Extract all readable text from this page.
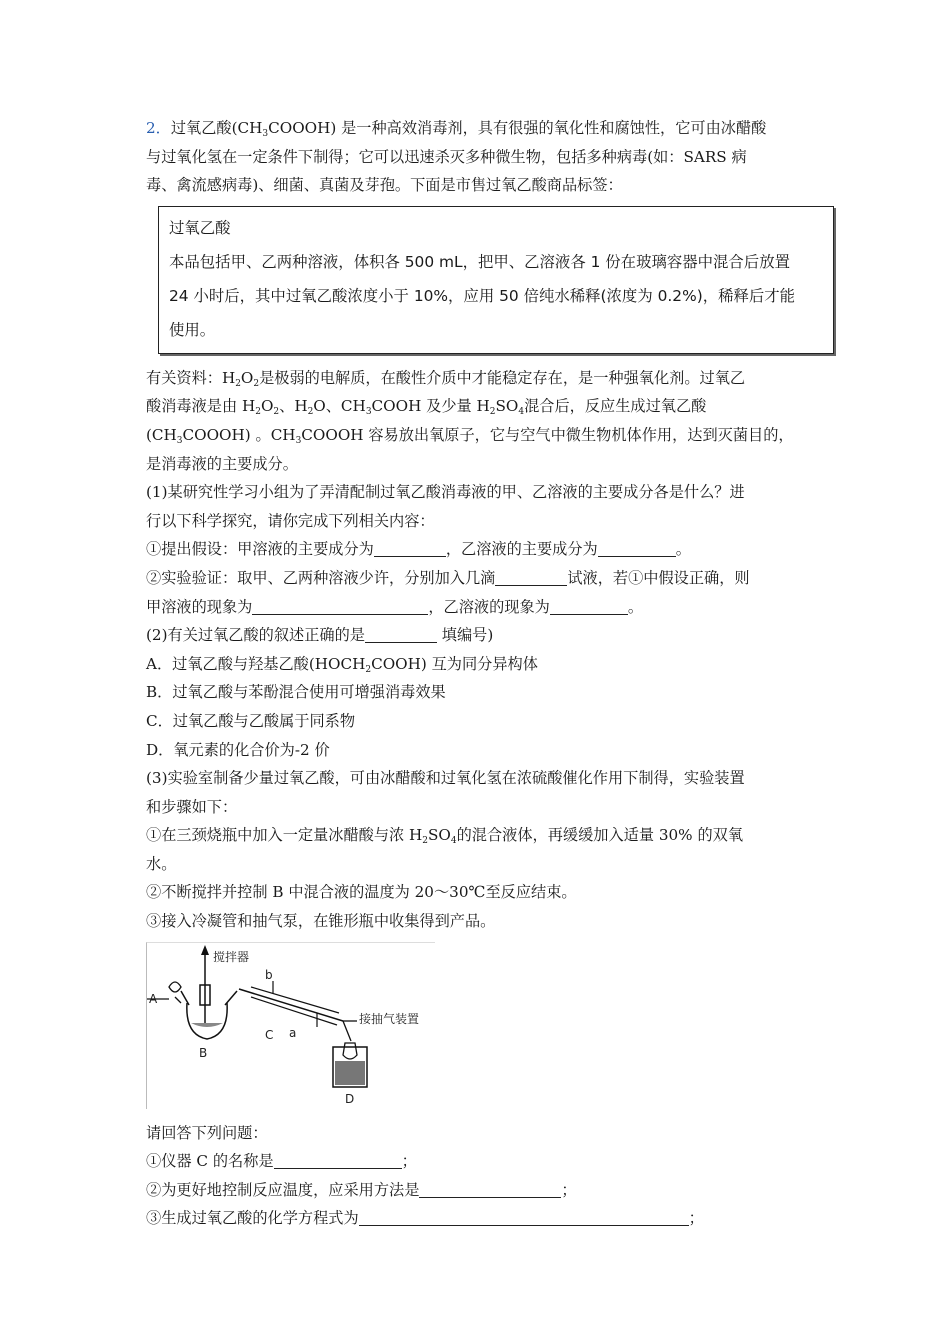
2．过氧乙酸$(CH_3COOOH)$ 是一种高效消毒剂，具有很强的氧化性和腐蚀性，它可由冰醋酸

与过氧化氢在一定条件下制得；它可以迅速杀灭多种微生物，包括多种病毒(如：SARS 病

毒、禽流感病毒)、细菌、真菌及芽孢。下面是市售过氧乙酸商品标签：

过氧乙酸
本品包括甲、乙两种溶液，体积各 500 mL，把甲、乙溶液各 1 份在玻璃容器中混合后放置
24 小时后，其中过氧乙酸浓度小于 10%，应用 50 倍纯水稀释(浓度为 0.2%)，稀释后才能
使用。

有关资料：$H_2O_2$是极弱的电解质，在酸性介质中才能稳定存在，是一种强氧化剂。过氧乙

酸消毒液是由 $H_2O_2$、$H_2O$、$CH_3COOH$ 及少量 $H_2SO_4$混合后，反应生成过氧乙酸

$(CH_3COOOH)$ 。$CH_3COOOH$ 容易放出氧原子，它与空气中微生物机体作用，达到灭菌目的，

是消毒液的主要成分。

(1)某研究性学习小组为了弄清配制过氧乙酸消毒液的甲、乙溶液的主要成分各是什么？进

行以下科学探究，请你完成下列相关内容：

①提出假设：甲溶液的主要成分为	，乙溶液的主要成分为	。

②实验验证：取甲、乙两种溶液少许，分别加入几滴	试液，若①中假设正确，则

甲溶液的现象为	，乙溶液的现象为	。

(2)有关过氧乙酸的叙述正确的是	填编号)

A．过氧乙酸与羟基乙酸$(HOCH_2COOH)$ 互为同分异构体

B．过氧乙酸与苯酚混合使用可增强消毒效果

C．过氧乙酸与乙酸属于同系物

D．氧元素的化合价为-2 价

(3)实验室制备少量过氧乙酸，可由冰醋酸和过氧化氢在浓硫酸催化作用下制得，实验装置

和步骤如下：

①在三颈烧瓶中加入一定量冰醋酸与浓 $H_2SO_4$的混合液体，再缓缓加入适量 30% 的双氧

水。

②不断搅拌并控制 B 中混合液的温度为 20～30℃至反应结束。

③接入冷凝管和抽气泵，在锥形瓶中收集得到产品。

搅拌器
A
B
b
a
C
接抽气装置
D

请回答下列问题：

①仪器 C 的名称是	；

②为更好地控制反应温度，应采用方法是	；

③生成过氧乙酸的化学方程式为	；
